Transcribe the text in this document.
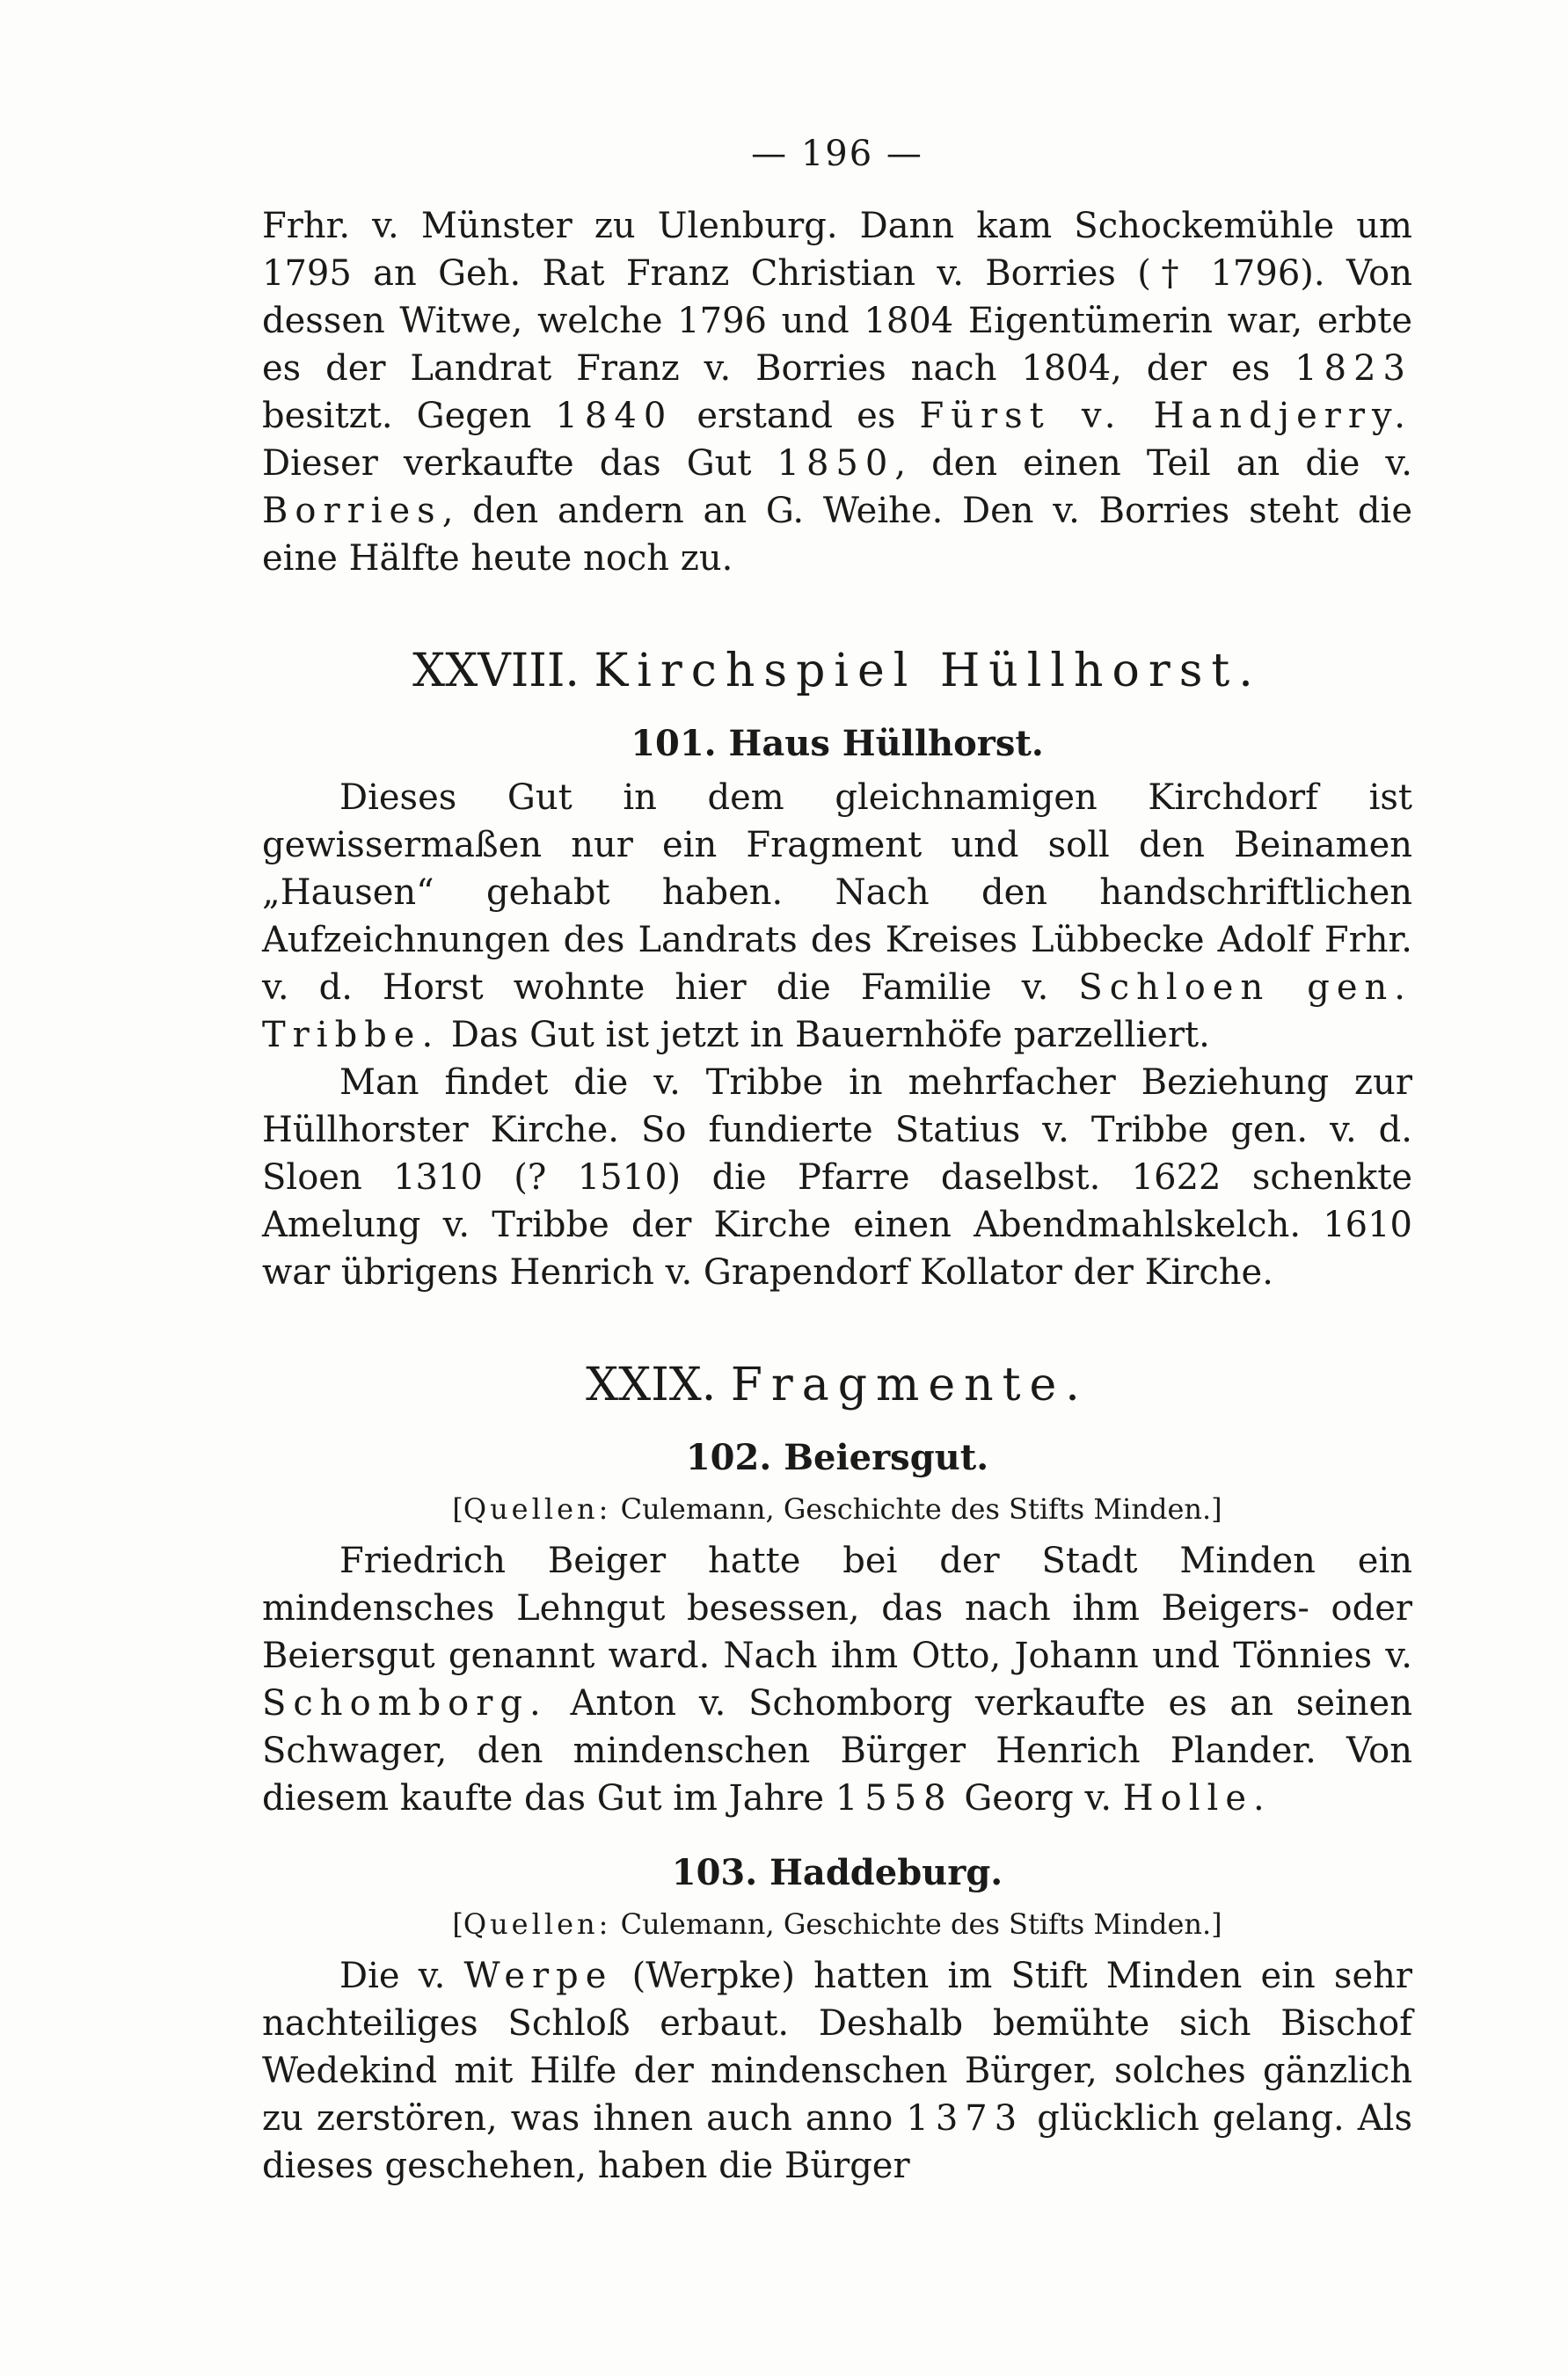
— 196 —

Frhr. v. Münster zu Ulenburg. Dann kam Schockemühle um 1795 an Geh. Rat Franz Christian v. Borries († 1796). Von dessen Witwe, welche 1796 und 1804 Eigentümerin war, erbte es der Landrat Franz v. Borries nach 1804, der es 1823 besitzt. Gegen 1840 erstand es Fürst v. Handjerry. Dieser verkaufte das Gut 1850, den einen Teil an die v. Borries, den andern an G. Weihe. Den v. Borries steht die eine Hälfte heute noch zu.

XXVIII. Kirchspiel Hüllhorst.
101. Haus Hüllhorst.

Dieses Gut in dem gleichnamigen Kirchdorf ist gewissermaßen nur ein Fragment und soll den Beinamen „Hausen“ gehabt haben. Nach den handschriftlichen Aufzeichnungen des Landrats des Kreises Lübbecke Adolf Frhr. v. d. Horst wohnte hier die Familie v. Schloen gen. Tribbe. Das Gut ist jetzt in Bauernhöfe parzelliert.

Man findet die v. Tribbe in mehrfacher Beziehung zur Hüllhorster Kirche. So fundierte Statius v. Tribbe gen. v. d. Sloen 1310 (? 1510) die Pfarre daselbst. 1622 schenkte Amelung v. Tribbe der Kirche einen Abendmahlskelch. 1610 war übrigens Henrich v. Grapendorf Kollator der Kirche.

XXIX. Fragmente.
102. Beiersgut.
[Quellen: Culemann, Geschichte des Stifts Minden.]

Friedrich Beiger hatte bei der Stadt Minden ein mindensches Lehngut besessen, das nach ihm Beigers- oder Beiersgut genannt ward. Nach ihm Otto, Johann und Tönnies v. Schomborg. Anton v. Schomborg verkaufte es an seinen Schwager, den mindenschen Bürger Henrich Plander. Von diesem kaufte das Gut im Jahre 1558 Georg v. Holle.

103. Haddeburg.
[Quellen: Culemann, Geschichte des Stifts Minden.]

Die v. Werpe (Werpke) hatten im Stift Minden ein sehr nachteiliges Schloß erbaut. Deshalb bemühte sich Bischof Wedekind mit Hilfe der mindenschen Bürger, solches gänzlich zu zerstören, was ihnen auch anno 1373 glücklich gelang. Als dieses geschehen, haben die Bürger
